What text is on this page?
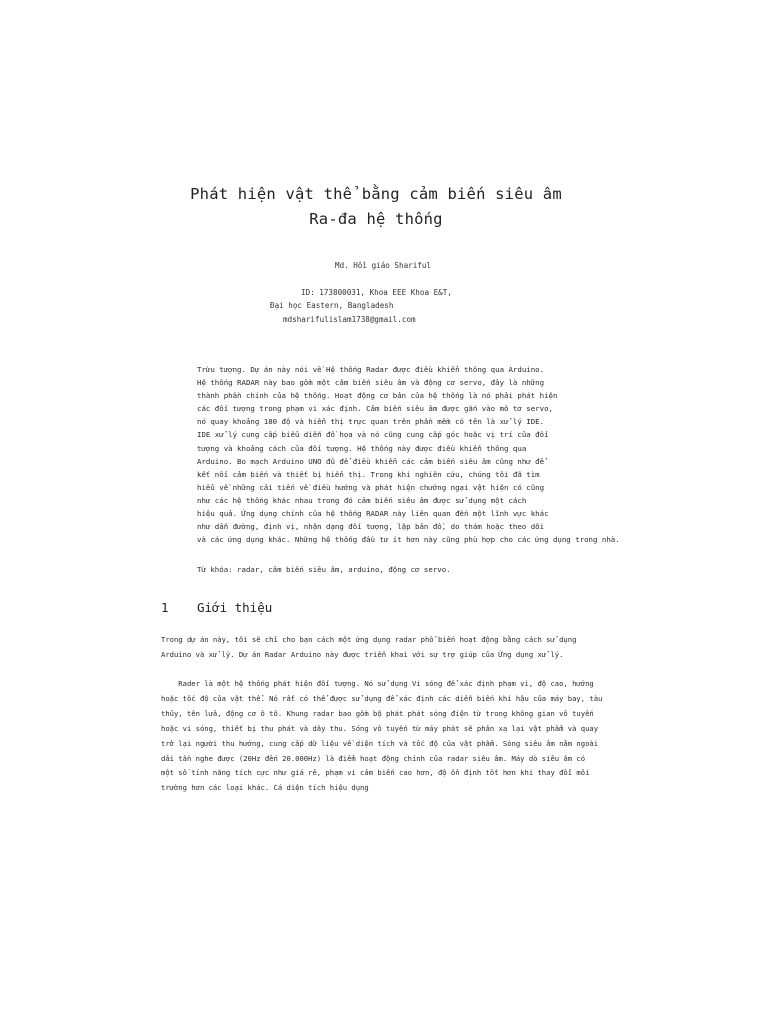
Phát hiện vật thể bằng cảm biến siêu âm
Ra-đa hệ thống
Md. Hồi giáo Shariful
ID: 173800031, Khoa EEE Khoa E&T,
Đại học Eastern, Bangladesh
mdsharifulislam1738@gmail.com
Trừu tượng. Dự án này nói về Hệ thống Radar được điều khiển thông qua Arduino.
Hệ thống RADAR này bao gồm một cảm biến siêu âm và động cơ servo, đây là những
thành phần chính của hệ thống. Hoạt động cơ bản của hệ thống là nó phải phát hiện
các đối tượng trong phạm vi xác định. Cảm biến siêu âm được gắn vào mô tơ servo,
nó quay khoảng 180 độ và hiển thị trực quan trên phần mềm có tên là xử lý IDE.
IDE xử lý cung cấp biểu diễn đồ họa và nó cũng cung cấp góc hoặc vị trí của đối
tượng và khoảng cách của đối tượng. Hệ thống này được điều khiển thông qua
Arduino. Bo mạch Arduino UNO đủ để điều khiển các cảm biến siêu âm cũng như để
kết nối cảm biến và thiết bị hiển thị. Trong khi nghiên cứu, chúng tôi đã tìm
hiểu về những cải tiến về điều hướng và phát hiện chướng ngại vật hiện có cũng
như các hệ thống khác nhau trong đó cảm biến siêu âm được sử dụng một cách
hiệu quả. Ứng dụng chính của hệ thống RADAR này liên quan đến một lĩnh vực khác
như dẫn đường, định vị, nhận dạng đối tượng, lập bản đồ, do thám hoặc theo dõi
và các ứng dụng khác. Những hệ thống đầu tư ít hơn này cũng phù hợp cho các ứng dụng trong nhà.
Từ khóa: radar, cảm biến siêu âm, arduino, động cơ servo.
1 Giới thiệu
Trong dự án này, tôi sẽ chỉ cho bạn cách một ứng dụng radar phổ biến hoạt động bằng cách sử dụng
Arduino và xử lý. Dự án Radar Arduino này được triển khai với sự trợ giúp của Ứng dụng xử lý.
Rader là một hệ thống phát hiện đối tượng. Nó sử dụng Vi sóng để xác định phạm vi, độ cao, hướng
hoặc tốc độ của vật thể. Nó rất có thể được sử dụng để xác định các diễn biến khí hậu của máy bay, tàu
thủy, tên lửa, động cơ ô tô. Khung radar bao gồm bộ phát phát sóng điện từ trong không gian vô tuyến
hoặc vi sóng, thiết bị thu phát và dây thu. Sóng vô tuyến từ máy phát sẽ phản xạ lại vật phẩm và quay
trở lại người thu hướng, cung cấp dữ liệu về diện tích và tốc độ của vật phẩm. Sóng siêu âm nằm ngoài
dải tần nghe được (20Hz đến 20.000Hz) là điểm hoạt động chính của radar siêu âm. Máy dò siêu âm có
một số tính năng tích cực như giá rẻ, phạm vi cảm biến cao hơn, độ ổn định tốt hơn khi thay đổi môi
trường hơn các loại khác. Cá diện tích hiệu dụng
